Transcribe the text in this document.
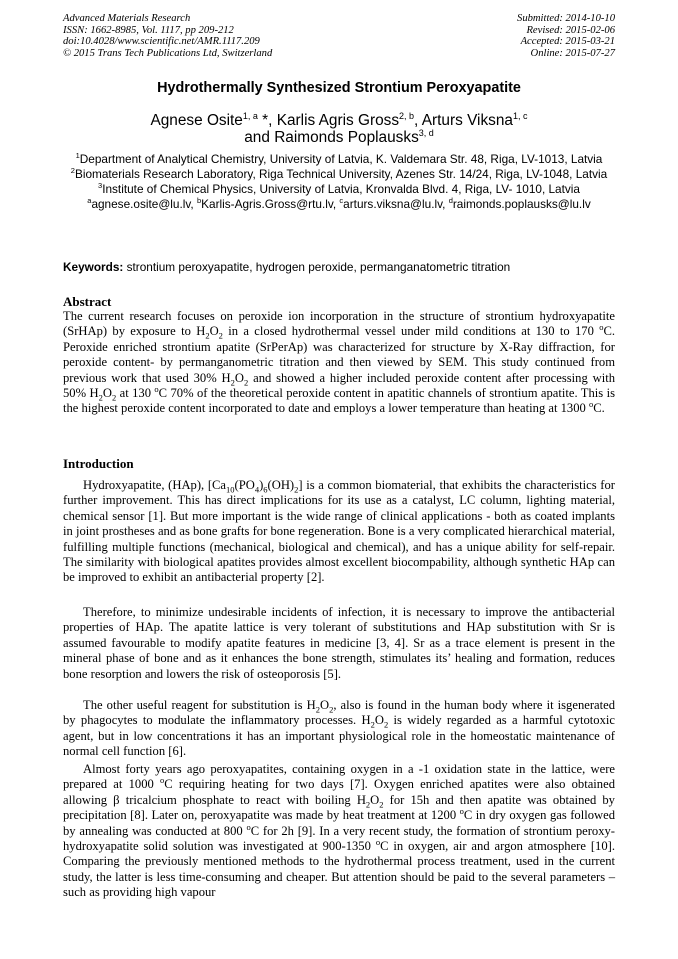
Advanced Materials Research
ISSN: 1662-8985, Vol. 1117, pp 209-212
doi:10.4028/www.scientific.net/AMR.1117.209
© 2015 Trans Tech Publications Ltd, Switzerland
Submitted: 2014-10-10
Revised: 2015-02-06
Accepted: 2015-03-21
Online: 2015-07-27
Hydrothermally Synthesized Strontium Peroxyapatite
Agnese Osite$^{1, a}$ *, Karlis Agris Gross$^{2, b}$, Arturs Viksna$^{1, c}$
and Raimonds Poplausks$^{3, d}$
$^1$Department of Analytical Chemistry, University of Latvia, K. Valdemara Str. 48, Riga, LV-1013, Latvia
$^2$Biomaterials Research Laboratory, Riga Technical University, Azenes Str. 14/24, Riga, LV-1048, Latvia
$^3$Institute of Chemical Physics, University of Latvia, Kronvalda Blvd. 4, Riga, LV- 1010, Latvia
$^a$agnese.osite@lu.lv, $^b$Karlis-Agris.Gross@rtu.lv, $^c$arturs.viksna@lu.lv, $^d$raimonds.poplausks@lu.lv
Keywords: strontium peroxyapatite, hydrogen peroxide, permanganatometric titration
Abstract
The current research focuses on peroxide ion incorporation in the structure of strontium hydroxyapatite (SrHAp) by exposure to $H_2O_2$ in a closed hydrothermal vessel under mild conditions at 130 to 170 $^o$C. Peroxide enriched strontium apatite (SrPerAp) was characterized for structure by X-Ray diffraction, for peroxide content- by permanganometric titration and then viewed by SEM. This study continued from previous work that used 30% $H_2O_2$ and showed a higher included peroxide content after processing with 50% $H_2O_2$ at 130 $^o$C 70% of the theoretical peroxide content in apatitic channels of strontium apatite. This is the highest peroxide content incorporated to date and employs a lower temperature than heating at 1300 $^o$C.
Introduction
Hydroxyapatite, (HAp), $[Ca_{10}(PO_4)_6(OH)_2]$ is a common biomaterial, that exhibits the characteristics for further improvement. This has direct implications for its use as a catalyst, LC column, lighting material, chemical sensor [1]. But more important is the wide range of clinical applications - both as coated implants in joint prostheses and as bone grafts for bone regeneration. Bone is a very complicated hierarchical material, fulfilling multiple functions (mechanical, biological and chemical), and has a unique ability for self-repair. The similarity with biological apatites provides almost excellent biocompability, although synthetic HAp can be improved to exhibit an antibacterial property [2].
Therefore, to minimize undesirable incidents of infection, it is necessary to improve the antibacterial properties of HAp. The apatite lattice is very tolerant of substitutions and HAp substitution with Sr is assumed favourable to modify apatite features in medicine [3, 4]. Sr as a trace element is present in the mineral phase of bone and as it enhances the bone strength, stimulates its’ healing and formation, reduces bone resorption and lowers the risk of osteoporosis [5].
The other useful reagent for substitution is $H_2O_2$, also is found in the human body where it isgenerated by phagocytes to modulate the inflammatory processes. $H_2O_2$ is widely regarded as a harmful cytotoxic agent, but in low concentrations it has an important physiological role in the homeostatic maintenance of normal cell function [6].
Almost forty years ago peroxyapatites, containing oxygen in a -1 oxidation state in the lattice, were prepared at 1000 $^o$C requiring heating for two days [7]. Oxygen enriched apatites were also obtained allowing β tricalcium phosphate to react with boiling $H_2O_2$ for 15h and then apatite was obtained by precipitation [8]. Later on, peroxyapatite was made by heat treatment at 1200 $^o$C in dry oxygen gas followed by annealing was conducted at 800 $^o$C for 2h [9]. In a very recent study, the formation of strontium peroxy-hydroxyapatite solid solution was investigated at 900-1350 $^o$C in oxygen, air and argon atmosphere [10]. Comparing the previously mentioned methods to the hydrothermal process treatment, used in the current study, the latter is less time-consuming and cheaper. But attention should be paid to the several parameters – such as providing high vapour
